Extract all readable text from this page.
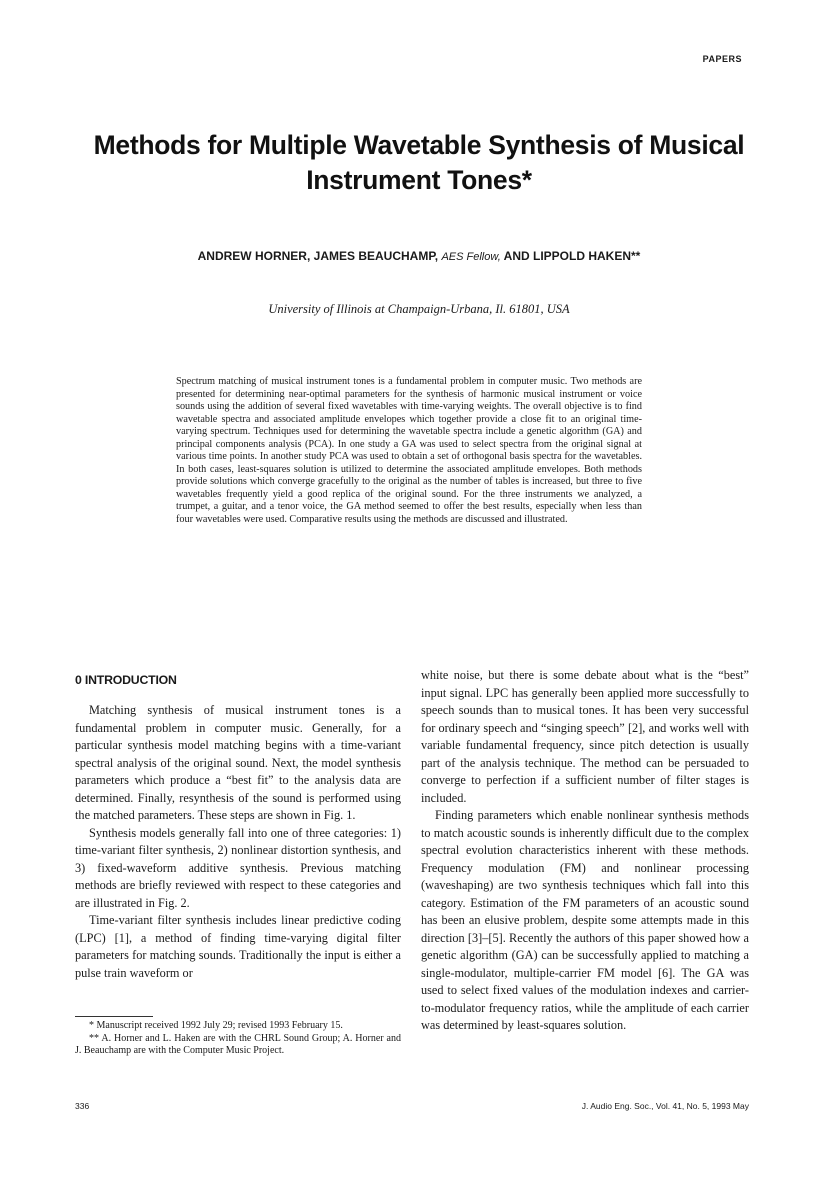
PAPERS
Methods for Multiple Wavetable Synthesis of Musical Instrument Tones*
ANDREW HORNER, JAMES BEAUCHAMP, AES Fellow, AND LIPPOLD HAKEN**
University of Illinois at Champaign-Urbana, Il. 61801, USA
Spectrum matching of musical instrument tones is a fundamental problem in computer music. Two methods are presented for determining near-optimal parameters for the synthesis of harmonic musical instrument or voice sounds using the addition of several fixed wavetables with time-varying weights. The overall objective is to find wavetable spectra and associated amplitude envelopes which together provide a close fit to an original time-varying spectrum. Techniques used for determining the wavetable spectra include a genetic algorithm (GA) and principal components analysis (PCA). In one study a GA was used to select spectra from the original signal at various time points. In another study PCA was used to obtain a set of orthogonal basis spectra for the wavetables. In both cases, least-squares solution is utilized to determine the associated amplitude envelopes. Both methods provide solutions which converge gracefully to the original as the number of tables is increased, but three to five wavetables frequently yield a good replica of the original sound. For the three instruments we analyzed, a trumpet, a guitar, and a tenor voice, the GA method seemed to offer the best results, especially when less than four wavetables were used. Comparative results using the methods are discussed and illustrated.
0 INTRODUCTION

Matching synthesis of musical instrument tones is a fundamental problem in computer music. Generally, for a particular synthesis model matching begins with a time-variant spectral analysis of the original sound. Next, the model synthesis parameters which produce a “best fit” to the analysis data are determined. Finally, resynthesis of the sound is performed using the matched parameters. These steps are shown in Fig. 1.

Synthesis models generally fall into one of three categories: 1) time-variant filter synthesis, 2) nonlinear distortion synthesis, and 3) fixed-waveform additive synthesis. Previous matching methods are briefly reviewed with respect to these categories and are illustrated in Fig. 2.

Time-variant filter synthesis includes linear predictive coding (LPC) [1], a method of finding time-varying digital filter parameters for matching sounds. Traditionally the input is either a pulse train waveform or

* Manuscript received 1992 July 29; revised 1993 February 15.

** A. Horner and L. Haken are with the CHRL Sound Group; A. Horner and J. Beauchamp are with the Computer Music Project.

white noise, but there is some debate about what is the “best” input signal. LPC has generally been applied more successfully to speech sounds than to musical tones. It has been very successful for ordinary speech and “singing speech” [2], and works well with variable fundamental frequency, since pitch detection is usually part of the analysis technique. The method can be persuaded to converge to perfection if a sufficient number of filter stages is included.

Finding parameters which enable nonlinear synthesis methods to match acoustic sounds is inherently difficult due to the complex spectral evolution characteristics inherent with these methods. Frequency modulation (FM) and nonlinear processing (waveshaping) are two synthesis techniques which fall into this category. Estimation of the FM parameters of an acoustic sound has been an elusive problem, despite some attempts made in this direction [3]–[5]. Recently the authors of this paper showed how a genetic algorithm (GA) can be successfully applied to matching a single-modulator, multiple-carrier FM model [6]. The GA was used to select fixed values of the modulation indexes and carrier-to-modulator frequency ratios, while the amplitude of each carrier was determined by least-squares solution.

336	J. Audio Eng. Soc., Vol. 41, No. 5, 1993 May
